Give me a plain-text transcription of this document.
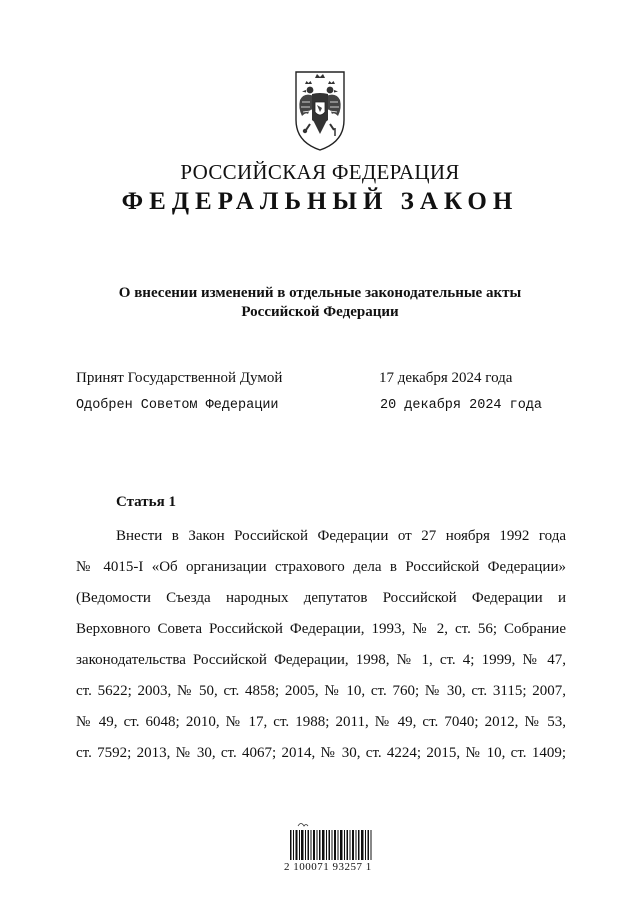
РОССИЙСКАЯ ФЕДЕРАЦИЯ
ФЕДЕРАЛЬНЫЙ ЗАКОН
О внесении изменений в отдельные законодательные акты
Российской Федерации
Принят Государственной Думой	17 декабря 2024 года
Одобрен Советом Федерации	20 декабря 2024 года
Статья 1
Внести в Закон Российской Федерации от 27 ноября 1992 года
№ 4015-I «Об организации страхового дела в Российской Федерации»
(Ведомости Съезда народных депутатов Российской Федерации и
Верховного Совета Российской Федерации, 1993, № 2, ст. 56; Собрание
законодательства Российской Федерации, 1998, № 1, ст. 4; 1999, № 47,
ст. 5622; 2003, № 50, ст. 4858; 2005, № 10, ст. 760; № 30, ст. 3115; 2007,
№ 49, ст. 6048; 2010, № 17, ст. 1988; 2011, № 49, ст. 7040; 2012, № 53,
ст. 7592; 2013, № 30, ст. 4067; 2014, № 30, ст. 4224; 2015, № 10, ст. 1409;
2 100071 93257 1
